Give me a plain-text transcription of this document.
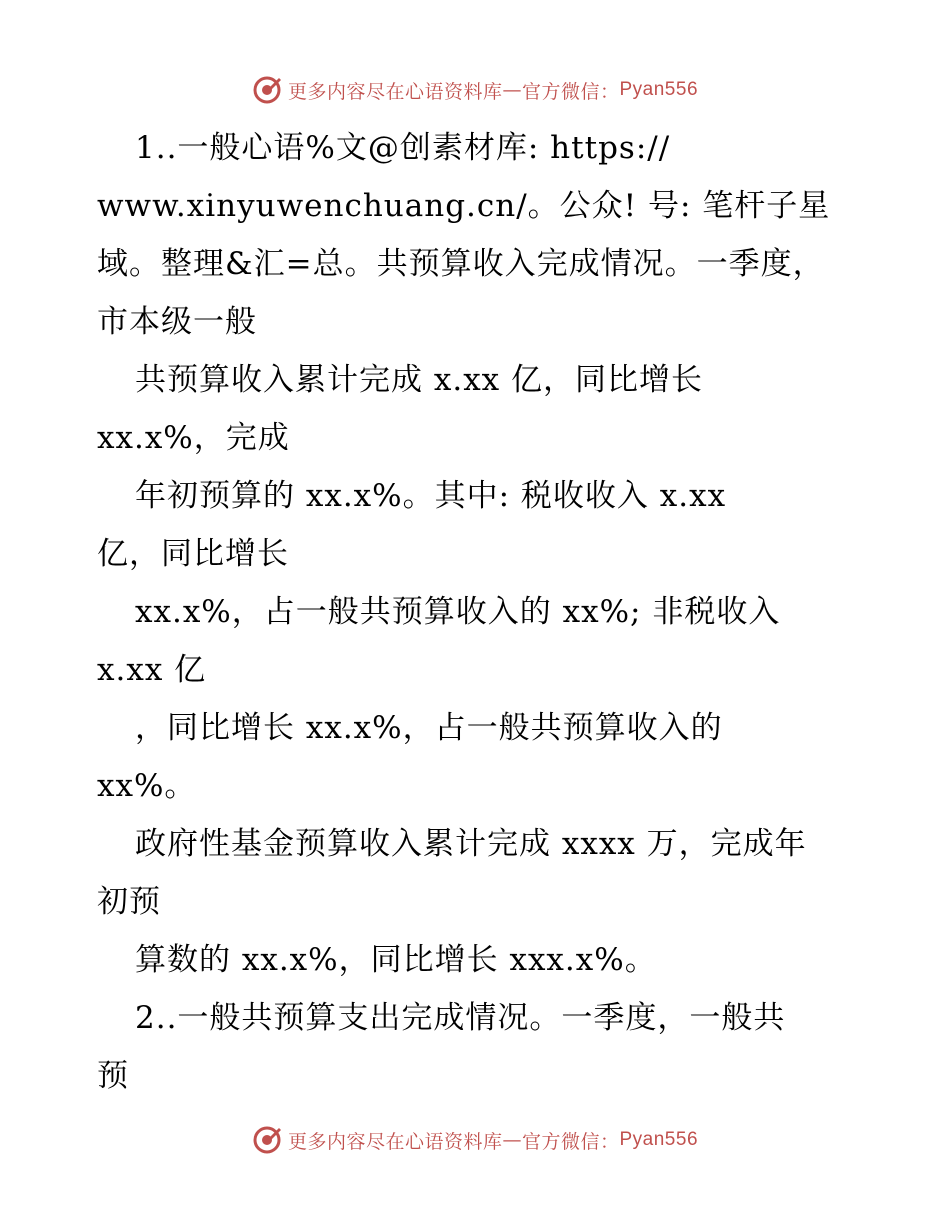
更多内容尽在心语资料库 — 官方微信： Pyan556
1..一般心语%文@创素材库: https://
www.xinyuwenchuang.cn/。公众! 号: 笔杆子星
域。整理&汇=总。共预算收入完成情况。一季度，
市本级一般
共预算收入累计完成 x.xx 亿，同比增长
xx.x%，完成
年初预算的 xx.x%。其中: 税收收入 x.xx
亿，同比增长
xx.x%，占一般共预算收入的 xx%; 非税收入
x.xx 亿
，同比增长 xx.x%，占一般共预算收入的
xx%。
政府性基金预算收入累计完成 xxxx 万，完成年
初预
算数的 xx.x%，同比增长 xxx.x%。
2..一般共预算支出完成情况。一季度，一般共
预
更多内容尽在心语资料库 — 官方微信： Pyan556
